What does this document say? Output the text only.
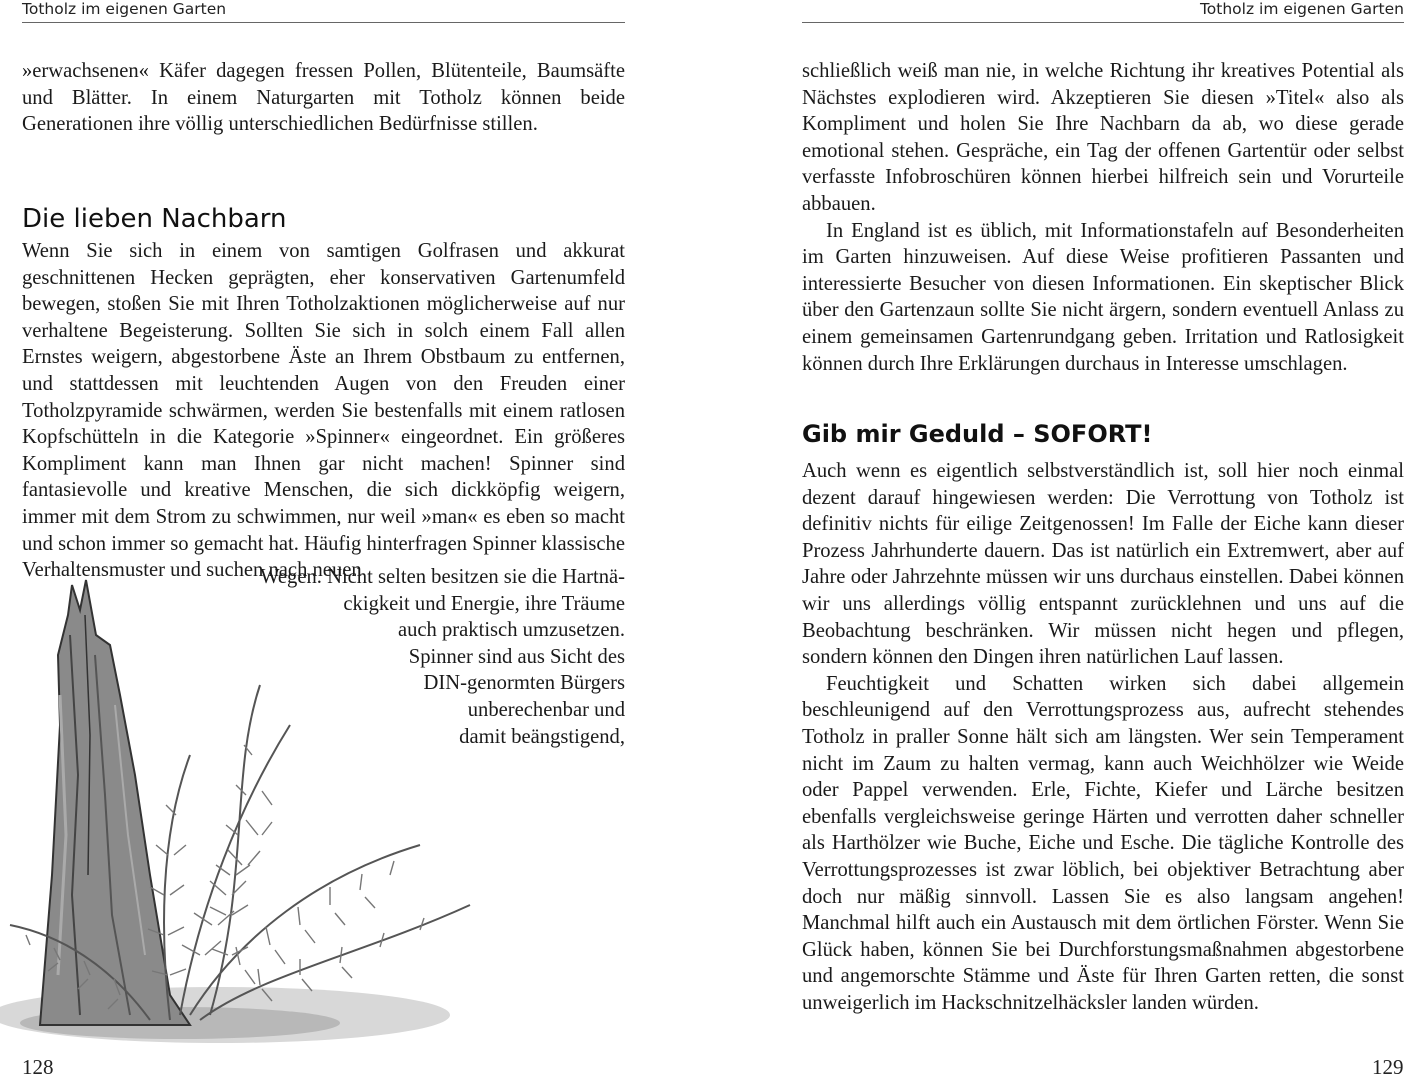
Totholz im eigenen Garten	Totholz im eigenen Garten

»erwachsenen« Käfer dagegen fressen Pollen, Blütenteile, Baumsäfte und Blätter. In einem Naturgarten mit Totholz können beide Generationen ihre völlig unterschiedlichen Bedürfnisse stillen.

Die lieben Nachbarn

Wenn Sie sich in einem von samtigen Golfrasen und akkurat geschnittenen Hecken geprägten, eher konservativen Gartenumfeld bewegen, stoßen Sie mit Ihren Totholzaktionen möglicherweise auf nur verhaltene Begeisterung. Sollten Sie sich in solch einem Fall allen Ernstes weigern, abgestorbene Äste an Ihrem Obstbaum zu entfernen, und stattdessen mit leuchtenden Augen von den Freuden einer Totholzpyramide schwärmen, werden Sie bestenfalls mit einem ratlosen Kopfschütteln in die Kategorie »Spinner« eingeordnet. Ein größeres Kompliment kann man Ihnen gar nicht machen! Spinner sind fantasievolle und kreative Menschen, die sich dickköpfig weigern, immer mit dem Strom zu schwimmen, nur weil »man« es eben so macht und schon immer so gemacht hat. Häufig hinterfragen Spinner klassische Verhaltensmuster und suchen nach neuen

Wegen. Nicht selten besitzen sie die Hartnä-
ckigkeit und Energie, ihre Träume
auch praktisch umzusetzen.
Spinner sind aus Sicht des
DIN-genormten Bürgers
unberechenbar und
damit beängstigend,
128

schließlich weiß man nie, in welche Richtung ihr kreatives Potential als Nächstes explodieren wird. Akzeptieren Sie diesen »Titel« also als Kompliment und holen Sie Ihre Nachbarn da ab, wo diese gerade emotional stehen. Gespräche, ein Tag der offenen Gartentür oder selbst verfasste Infobroschüren können hierbei hilfreich sein und Vorurteile abbauen.

In England ist es üblich, mit Informationstafeln auf Besonderheiten im Garten hinzuweisen. Auf diese Weise profitieren Passanten und interessierte Besucher von diesen Informationen. Ein skeptischer Blick über den Gartenzaun sollte Sie nicht ärgern, sondern eventuell Anlass zu einem gemeinsamen Gartenrundgang geben. Irritation und Ratlosigkeit können durch Ihre Erklärungen durchaus in Interesse umschlagen.

Gib mir Geduld – SOFORT!

Auch wenn es eigentlich selbstverständlich ist, soll hier noch einmal dezent darauf hingewiesen werden: Die Verrottung von Totholz ist definitiv nichts für eilige Zeitgenossen! Im Falle der Eiche kann dieser Prozess Jahrhunderte dauern. Das ist natürlich ein Extremwert, aber auf Jahre oder Jahrzehnte müssen wir uns durchaus einstellen. Dabei können wir uns allerdings völlig entspannt zurücklehnen und uns auf die Beobachtung beschränken. Wir müssen nicht hegen und pflegen, sondern können den Dingen ihren natürlichen Lauf lassen.

Feuchtigkeit und Schatten wirken sich dabei allgemein beschleunigend auf den Verrottungsprozess aus, aufrecht stehendes Totholz in praller Sonne hält sich am längsten. Wer sein Temperament nicht im Zaum zu halten vermag, kann auch Weichhölzer wie Weide oder Pappel verwenden. Erle, Fichte, Kiefer und Lärche besitzen ebenfalls vergleichsweise geringe Härten und verrotten daher schneller als Harthölzer wie Buche, Eiche und Esche. Die tägliche Kontrolle des Verrottungsprozesses ist zwar löblich, bei objektiver Betrachtung aber doch nur mäßig sinnvoll. Lassen Sie es also langsam angehen! Manchmal hilft auch ein Austausch mit dem örtlichen Förster. Wenn Sie Glück haben, können Sie bei Durchforstungsmaßnahmen abgestorbene und angemorschte Stämme und Äste für Ihren Garten retten, die sonst unweigerlich im Hackschnitzelhäcksler landen würden.

129
